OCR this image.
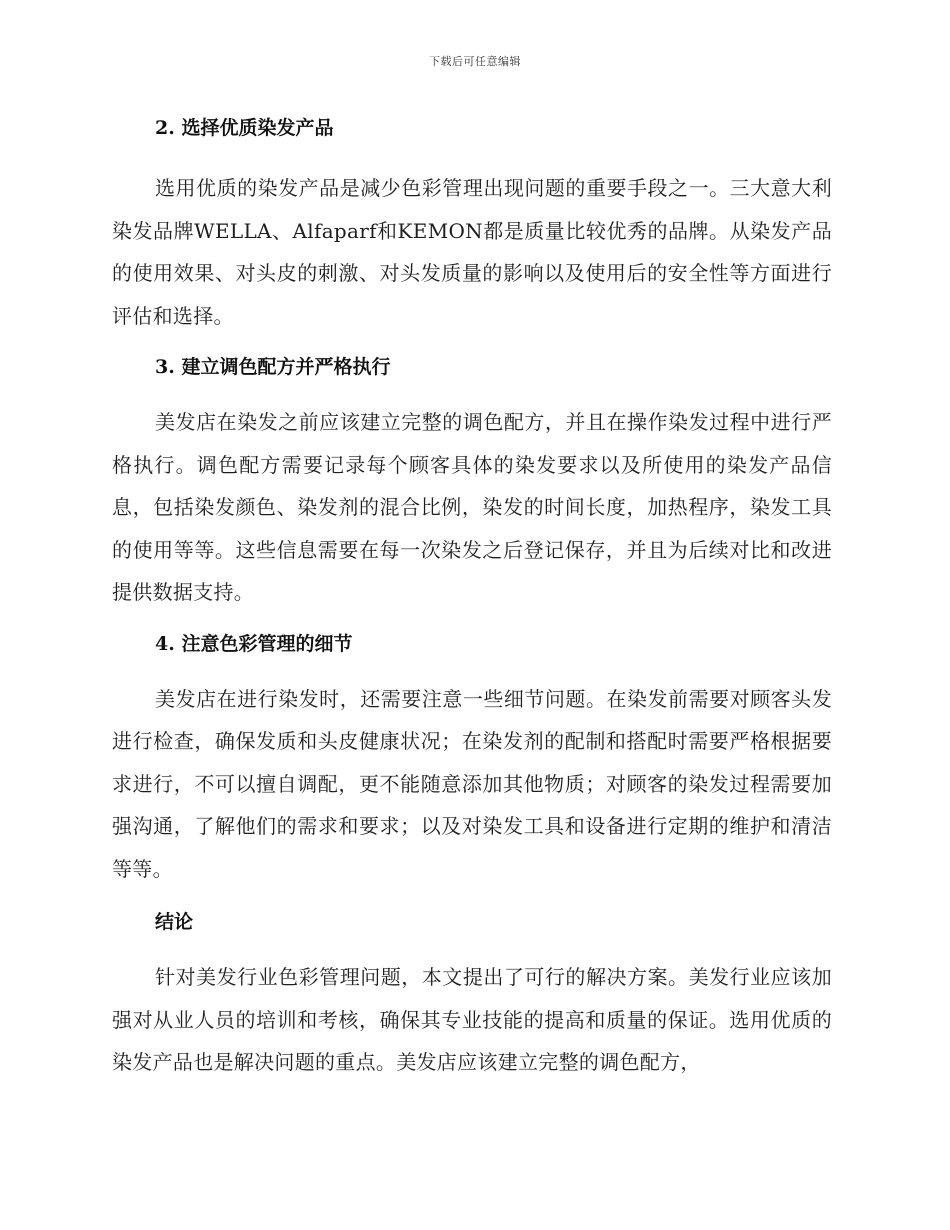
下载后可任意编辑
2. 选择优质染发产品

选用优质的染发产品是减少色彩管理出现问题的重要手段之一。三大意大利染发品牌WELLA、Alfaparf和KEMON都是质量比较优秀的品牌。从染发产品的使用效果、对头皮的刺激、对头发质量的影响以及使用后的安全性等方面进行评估和选择。

3. 建立调色配方并严格执行

美发店在染发之前应该建立完整的调色配方，并且在操作染发过程中进行严格执行。调色配方需要记录每个顾客具体的染发要求以及所使用的染发产品信息，包括染发颜色、染发剂的混合比例，染发的时间长度，加热程序，染发工具的使用等等。这些信息需要在每一次染发之后登记保存，并且为后续对比和改进提供数据支持。

4. 注意色彩管理的细节

美发店在进行染发时，还需要注意一些细节问题。在染发前需要对顾客头发进行检查，确保发质和头皮健康状况；在染发剂的配制和搭配时需要严格根据要求进行，不可以擅自调配，更不能随意添加其他物质；对顾客的染发过程需要加强沟通，了解他们的需求和要求；以及对染发工具和设备进行定期的维护和清洁等等。

结论

针对美发行业色彩管理问题，本文提出了可行的解决方案。美发行业应该加强对从业人员的培训和考核，确保其专业技能的提高和质量的保证。选用优质的染发产品也是解决问题的重点。美发店应该建立完整的调色配方，
